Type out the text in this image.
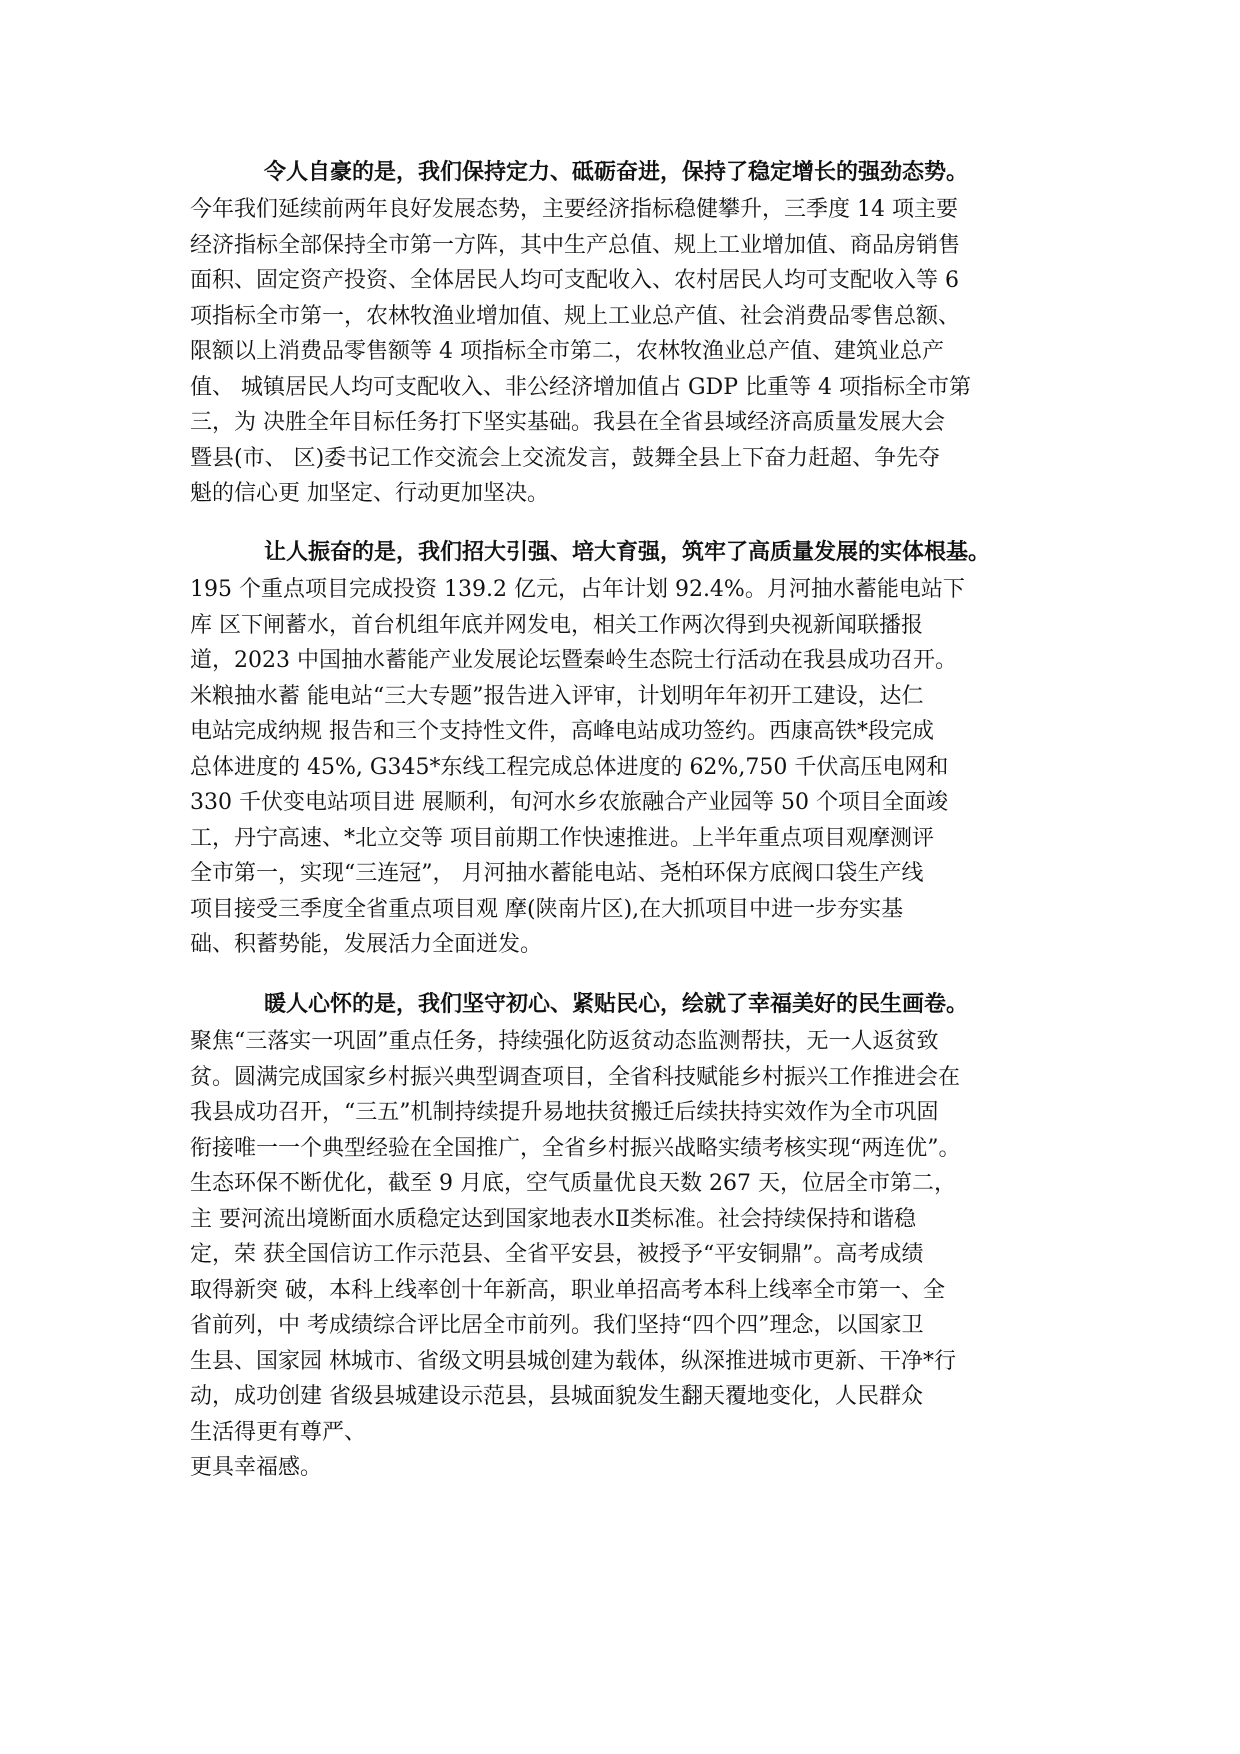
令人自豪的是，我们保持定力、砥砺奋进，保持了稳定增长的强劲态势。
今年我们延续前两年良好发展态势，主要经济指标稳健攀升，三季度 14 项主要
经济指标全部保持全市第一方阵，其中生产总值、规上工业增加值、商品房销售
面积、固定资产投资、全体居民人均可支配收入、农村居民人均可支配收入等 6
项指标全市第一，农林牧渔业增加值、规上工业总产值、社会消费品零售总额、
限额以上消费品零售额等 4 项指标全市第二，农林牧渔业总产值、建筑业总产
值、 城镇居民人均可支配收入、非公经济增加值占 GDP 比重等 4 项指标全市第
三，为 决胜全年目标任务打下坚实基础。我县在全省县域经济高质量发展大会
暨县(市、 区)委书记工作交流会上交流发言，鼓舞全县上下奋力赶超、争先夺
魁的信心更 加坚定、行动更加坚决。
让人振奋的是，我们招大引强、培大育强，筑牢了高质量发展的实体根基。
195 个重点项目完成投资 139.2 亿元，占年计划 92.4%。月河抽水蓄能电站下
库 区下闸蓄水，首台机组年底并网发电，相关工作两次得到央视新闻联播报
道，2023 中国抽水蓄能产业发展论坛暨秦岭生态院士行活动在我县成功召开。
米粮抽水蓄 能电站“三大专题”报告进入评审，计划明年年初开工建设，达仁
电站完成纳规 报告和三个支持性文件，高峰电站成功签约。西康高铁*段完成
总体进度的 45%, G345*东线工程完成总体进度的 62%,750 千伏高压电网和
330 千伏变电站项目进 展顺利，旬河水乡农旅融合产业园等 50 个项目全面竣
工，丹宁高速、*北立交等 项目前期工作快速推进。上半年重点项目观摩测评
全市第一，实现“三连冠”， 月河抽水蓄能电站、尧柏环保方底阀口袋生产线
项目接受三季度全省重点项目观 摩(陕南片区),在大抓项目中进一步夯实基
础、积蓄势能，发展活力全面迸发。
暖人心怀的是，我们坚守初心、紧贴民心，绘就了幸福美好的民生画卷。
聚焦“三落实一巩固”重点任务，持续强化防返贫动态监测帮扶，无一人返贫致
贫。圆满完成国家乡村振兴典型调查项目，全省科技赋能乡村振兴工作推进会在
我县成功召开，“三五”机制持续提升易地扶贫搬迁后续扶持实效作为全市巩固
衔接唯一一个典型经验在全国推广，全省乡村振兴战略实绩考核实现“两连优”。
生态环保不断优化，截至 9 月底，空气质量优良天数 267 天，位居全市第二，
主 要河流出境断面水质稳定达到国家地表水Ⅱ类标准。社会持续保持和谐稳
定，荣 获全国信访工作示范县、全省平安县，被授予“平安铜鼎”。高考成绩
取得新突 破，本科上线率创十年新高，职业单招高考本科上线率全市第一、全
省前列，中 考成绩综合评比居全市前列。我们坚持“四个四”理念，以国家卫
生县、国家园 林城市、省级文明县城创建为载体，纵深推进城市更新、干净*行
动，成功创建 省级县城建设示范县，县城面貌发生翻天覆地变化，人民群众
生活得更有尊严、
更具幸福感。
